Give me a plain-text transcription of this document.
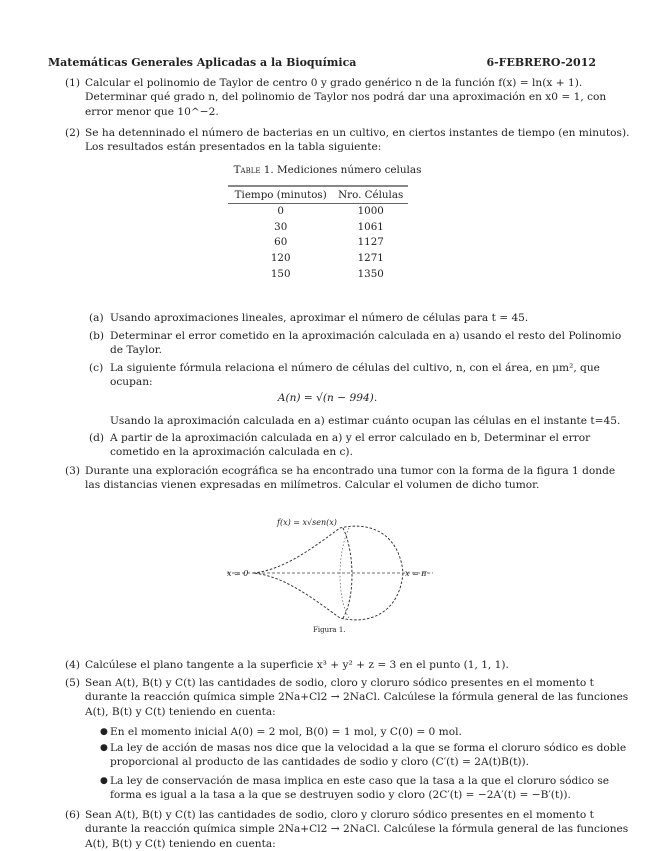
Matemáticas Generales Aplicadas a la Bioquímica	6-FEBRERO-2012
(1) Calcular el polinomio de Taylor de centro 0 y grado genérico n de la función f(x) = ln(x + 1).
Determinar qué grado n, del polinomio de Taylor nos podrá dar una aproximación en x0 = 1, con
error menor que 10^−2.
(2) Se ha detenninado el número de bacterias en un cultivo, en ciertos instantes de tiempo (en minutos).
Los resultados están presentados en la tabla siguiente:
Table 1. Mediciones número celulas
Tiempo (minutos)	Nro. Células
0	1000
30	1061
60	1127
120	1271
150	1350
(a) Usando aproximaciones lineales, aproximar el número de células para t = 45.
(b) Determinar el error cometido en la aproximación calculada en a) usando el resto del Polinomio
de Taylor.
(c) La siguiente fórmula relaciona el número de células del cultivo, n, con el área, en μm², que
ocupan:
A(n) = √(n − 994).
Usando la aproximación calculada en a) estimar cuánto ocupan las células en el instante t=45.
(d) A partir de la aproximación calculada en a) y el error calculado en b, Determinar el error
cometido en la aproximación calculada en c).
(3) Durante una exploración ecográfica se ha encontrado una tumor con la forma de la figura 1 donde
las distancias vienen expresadas en milímetros. Calcular el volumen de dicho tumor.
f(x) = x√sen(x)
x = 0	x = π
Figura 1.
(4) Calcúlese el plano tangente a la superficie x³ + y² + z = 3 en el punto (1, 1, 1).
(5) Sean A(t), B(t) y C(t) las cantidades de sodio, cloro y cloruro sódico presentes en el momento t
durante la reacción química simple 2Na+Cl2 → 2NaCl. Calcúlese la fórmula general de las funciones
A(t), B(t) y C(t) teniendo en cuenta:
● En el momento inicial A(0) = 2 mol, B(0) = 1 mol, y C(0) = 0 mol.
● La ley de acción de masas nos dice que la velocidad a la que se forma el cloruro sódico es doble
proporcional al producto de las cantidades de sodio y cloro (C′(t) = 2A(t)B(t)).
● La ley de conservación de masa implica en este caso que la tasa a la que el cloruro sódico se
forma es igual a la tasa a la que se destruyen sodio y cloro (2C′(t) = −2A′(t) = −B′(t)).
(6) Sean A(t), B(t) y C(t) las cantidades de sodio, cloro y cloruro sódico presentes en el momento t
durante la reacción química simple 2Na+Cl2 → 2NaCl. Calcúlese la fórmula general de las funciones
A(t), B(t) y C(t) teniendo en cuenta:
